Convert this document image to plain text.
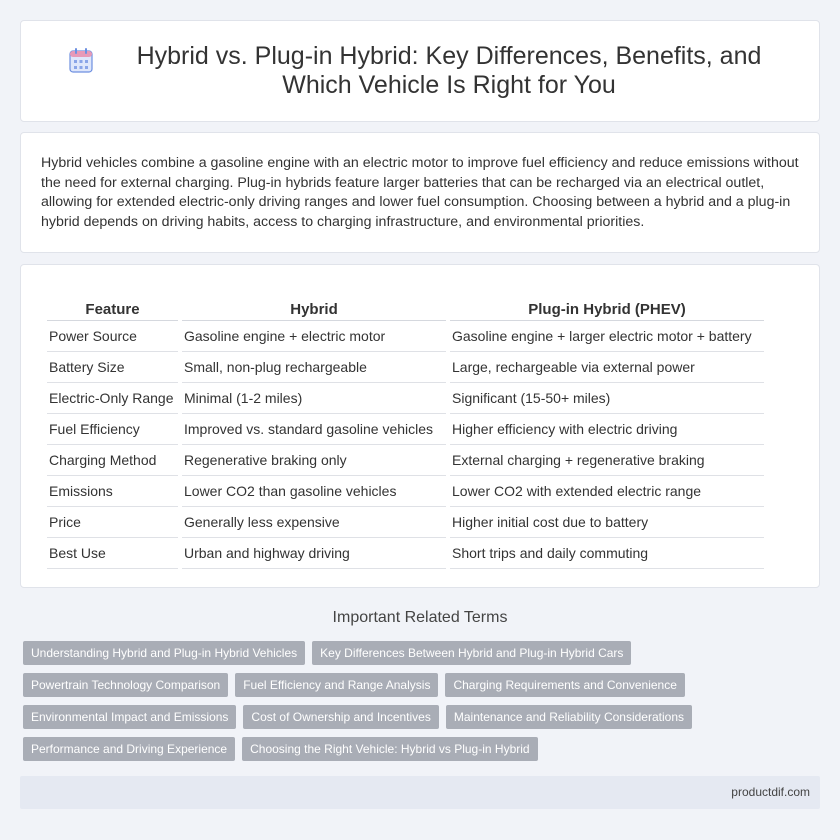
Hybrid vs. Plug-in Hybrid: Key Differences, Benefits, and Which Vehicle Is Right for You

Hybrid vehicles combine a gasoline engine with an electric motor to improve fuel efficiency and reduce emissions without the need for external charging. Plug-in hybrids feature larger batteries that can be recharged via an electrical outlet, allowing for extended electric-only driving ranges and lower fuel consumption. Choosing between a hybrid and a plug-in hybrid depends on driving habits, access to charging infrastructure, and environmental priorities.

Feature	Hybrid	Plug-in Hybrid (PHEV)
Power Source	Gasoline engine + electric motor	Gasoline engine + larger electric motor + battery
Battery Size	Small, non-plug rechargeable	Large, rechargeable via external power
Electric-Only Range	Minimal (1-2 miles)	Significant (15-50+ miles)
Fuel Efficiency	Improved vs. standard gasoline vehicles	Higher efficiency with electric driving
Charging Method	Regenerative braking only	External charging + regenerative braking
Emissions	Lower CO2 than gasoline vehicles	Lower CO2 with extended electric range
Price	Generally less expensive	Higher initial cost due to battery
Best Use	Urban and highway driving	Short trips and daily commuting
Important Related Terms
Understanding Hybrid and Plug-in Hybrid Vehicles	Key Differences Between Hybrid and Plug-in Hybrid Cars
Powertrain Technology Comparison	Fuel Efficiency and Range Analysis	Charging Requirements and Convenience
Environmental Impact and Emissions	Cost of Ownership and Incentives	Maintenance and Reliability Considerations
Performance and Driving Experience	Choosing the Right Vehicle: Hybrid vs Plug-in Hybrid
productdif.com
